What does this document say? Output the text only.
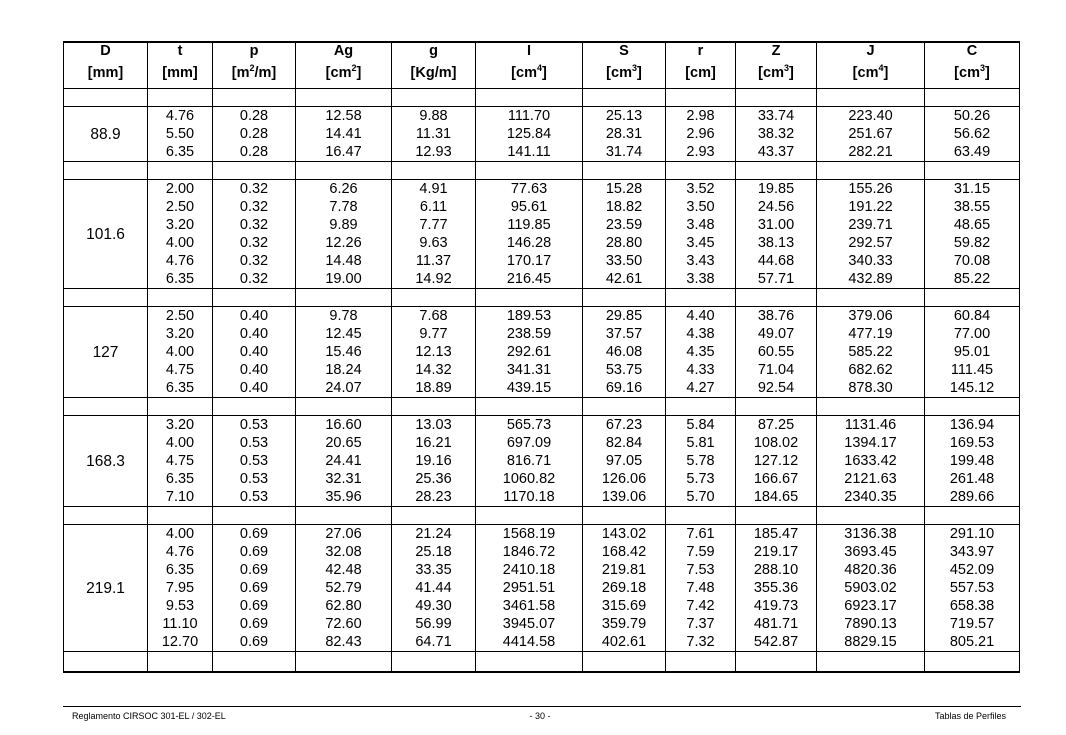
D	t	p	Ag	g	I	S	r	Z	J	C
[mm]	[mm]	$[m^2/m]$	$[cm^2]$	[Kg/m]	$[cm^4]$	$[cm^3]$	[cm]	$[cm^3]$	$[cm^4]$	$[cm^3]$

88.9	4.76	0.28	12.58	9.88	111.70	25.13	2.98	33.74	223.40	50.26
	5.50	0.28	14.41	11.31	125.84	28.31	2.96	38.32	251.67	56.62
	6.35	0.28	16.47	12.93	141.11	31.74	2.93	43.37	282.21	63.49

101.6	2.00	0.32	6.26	4.91	77.63	15.28	3.52	19.85	155.26	31.15
	2.50	0.32	7.78	6.11	95.61	18.82	3.50	24.56	191.22	38.55
	3.20	0.32	9.89	7.77	119.85	23.59	3.48	31.00	239.71	48.65
	4.00	0.32	12.26	9.63	146.28	28.80	3.45	38.13	292.57	59.82
	4.76	0.32	14.48	11.37	170.17	33.50	3.43	44.68	340.33	70.08
	6.35	0.32	19.00	14.92	216.45	42.61	3.38	57.71	432.89	85.22

127	2.50	0.40	9.78	7.68	189.53	29.85	4.40	38.76	379.06	60.84
	3.20	0.40	12.45	9.77	238.59	37.57	4.38	49.07	477.19	77.00
	4.00	0.40	15.46	12.13	292.61	46.08	4.35	60.55	585.22	95.01
	4.75	0.40	18.24	14.32	341.31	53.75	4.33	71.04	682.62	111.45
	6.35	0.40	24.07	18.89	439.15	69.16	4.27	92.54	878.30	145.12

168.3	3.20	0.53	16.60	13.03	565.73	67.23	5.84	87.25	1131.46	136.94
	4.00	0.53	20.65	16.21	697.09	82.84	5.81	108.02	1394.17	169.53
	4.75	0.53	24.41	19.16	816.71	97.05	5.78	127.12	1633.42	199.48
	6.35	0.53	32.31	25.36	1060.82	126.06	5.73	166.67	2121.63	261.48
	7.10	0.53	35.96	28.23	1170.18	139.06	5.70	184.65	2340.35	289.66

219.1	4.00	0.69	27.06	21.24	1568.19	143.02	7.61	185.47	3136.38	291.10
	4.76	0.69	32.08	25.18	1846.72	168.42	7.59	219.17	3693.45	343.97
	6.35	0.69	42.48	33.35	2410.18	219.81	7.53	288.10	4820.36	452.09
	7.95	0.69	52.79	41.44	2951.51	269.18	7.48	355.36	5903.02	557.53
	9.53	0.69	62.80	49.30	3461.58	315.69	7.42	419.73	6923.17	658.38
	11.10	0.69	72.60	56.99	3945.07	359.79	7.37	481.71	7890.13	719.57
	12.70	0.69	82.43	64.71	4414.58	402.61	7.32	542.87	8829.15	805.21

Reglamento CIRSOC 301-EL / 302-EL	- 30 -	Tablas de Perfiles
